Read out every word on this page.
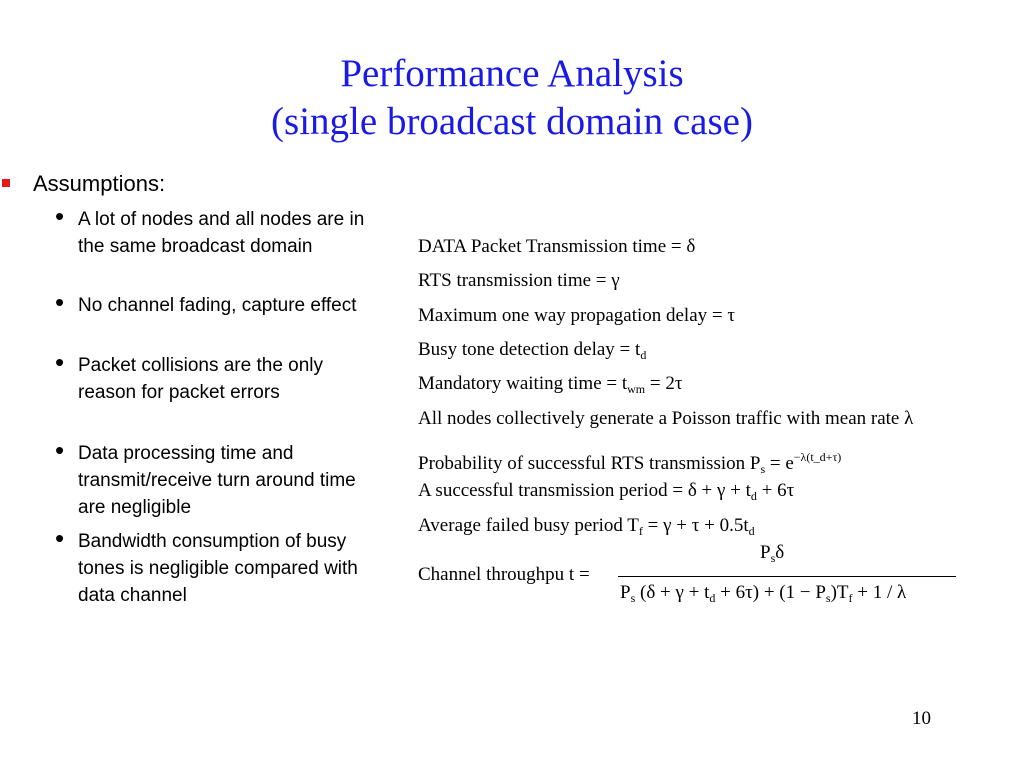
Performance Analysis
(single broadcast domain case)
Assumptions:
• A lot of nodes and all nodes are in the same broadcast domain
• No channel fading, capture effect
• Packet collisions are the only reason for packet errors
• Data processing time and transmit/receive turn around time are negligible
• Bandwidth consumption of busy tones is negligible compared with data channel
DATA Packet Transmission time = δ
RTS transmission time = γ
Maximum one way propagation delay = τ
Busy tone detection delay = $t_d$
Mandatory waiting time = $t_{wm} = 2\tau$
All nodes collectively generate a Poisson traffic with mean rate λ
Probability of successful RTS transmission $P_s = e^{-\lambda(t\_d+\tau)}$
A successful transmission period = $\delta + \gamma + t_d + 6\tau$
Average failed busy period $T_f = \gamma + \tau + 0.5t_d$
Channel throughpu t =
$P_s\delta$
$P_s$ $(\delta + \gamma + t_d + 6\tau) + (1 - P_s)T_f + 1 / \lambda$
10
